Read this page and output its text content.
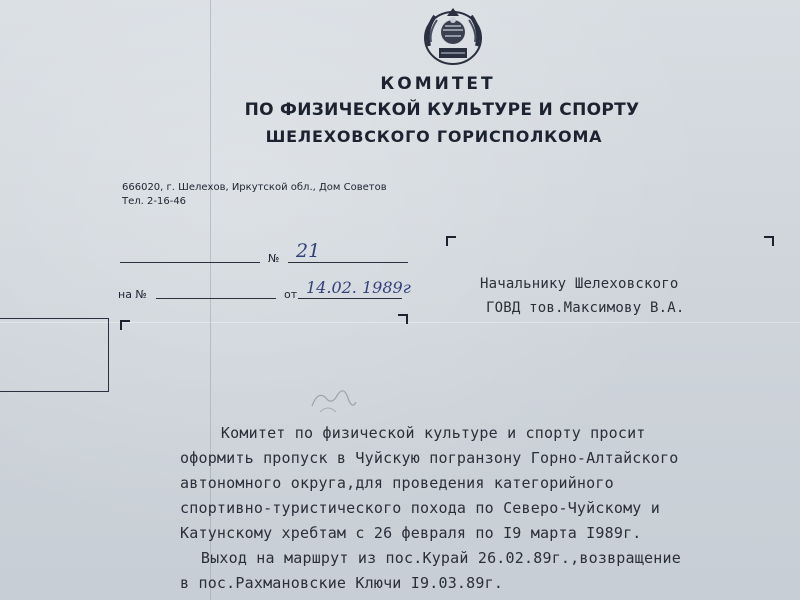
КОМИТЕТ
ПО ФИЗИЧЕСКОЙ КУЛЬТУРЕ И СПОРТУ
ШЕЛЕХОВСКОГО ГОРИСПОЛКОМА
666020, г. Шелехов, Иркутской обл., Дом Советов
Тел. 2-16-46
№ 21
на №	от 14.02. 1989г	Начальнику Шелеховского
ГОВД тов.Максимову В.А.
Комитет по физической культуре и спорту просит
оформить пропуск в Чуйскую погранзону Горно-Алтайского
автономного округа,для проведения категорийного
спортивно-туристического похода по Северо-Чуйскому и
Катунскому хребтам с 26 февраля по I9 марта I989г.
Выход на маршрут из пос.Курай 26.02.89г.,возвращение
в пос.Рахмановские Ключи I9.03.89г.
